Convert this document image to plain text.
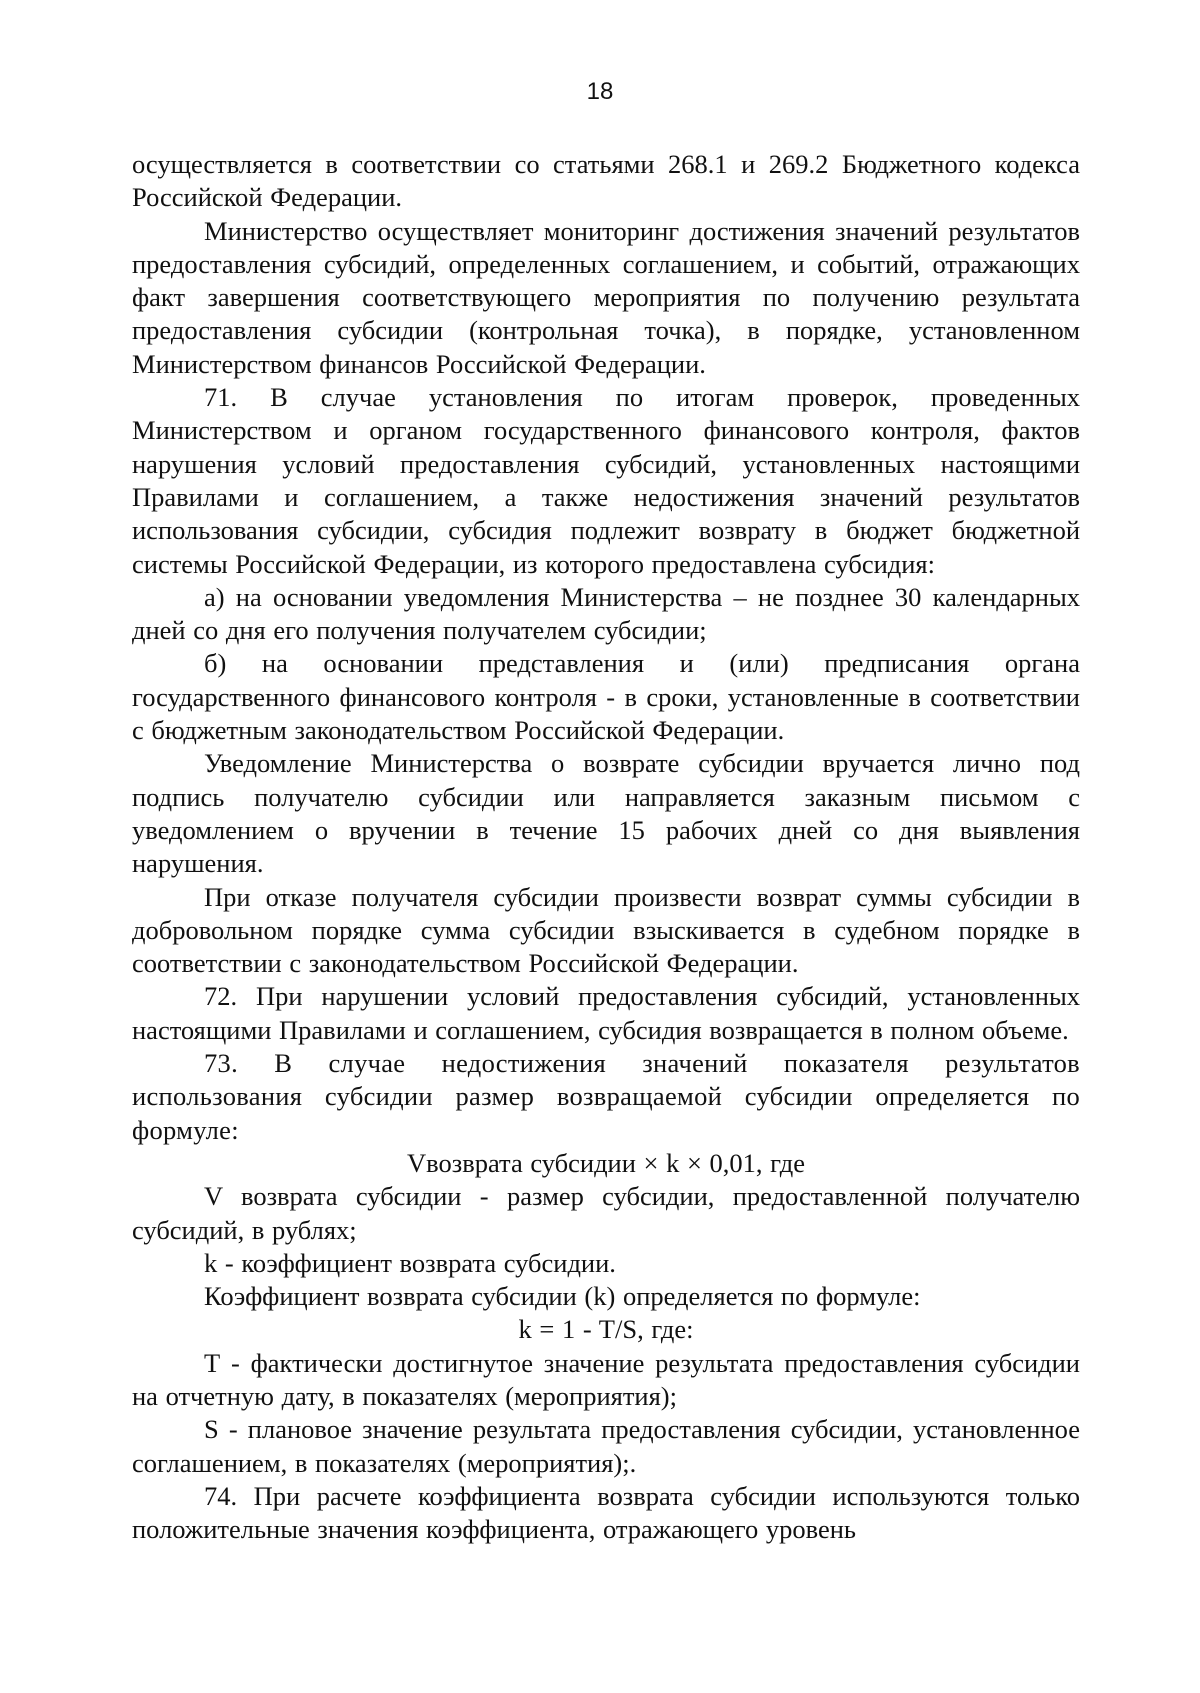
18

осуществляется в соответствии со статьями 268.1 и 269.2 Бюджетного кодекса Российской Федерации.

Министерство осуществляет мониторинг достижения значений результатов предоставления субсидий, определенных соглашением, и событий, отражающих факт завершения соответствующего мероприятия по получению результата предоставления субсидии (контрольная точка), в порядке, установленном Министерством финансов Российской Федерации.

71. В случае установления по итогам проверок, проведенных Министерством и органом государственного финансового контроля, фактов нарушения условий предоставления субсидий, установленных настоящими Правилами и соглашением, а также недостижения значений результатов использования субсидии, субсидия подлежит возврату в бюджет бюджетной системы Российской Федерации, из которого предоставлена субсидия:

а) на основании уведомления Министерства – не позднее 30 календарных дней со дня его получения получателем субсидии;

б) на основании представления и (или) предписания органа государственного финансового контроля - в сроки, установленные в соответствии с бюджетным законодательством Российской Федерации.

Уведомление Министерства о возврате субсидии вручается лично под подпись получателю субсидии или направляется заказным письмом с уведомлением о вручении в течение 15 рабочих дней со дня выявления нарушения.

При отказе получателя субсидии произвести возврат суммы субсидии в добровольном порядке сумма субсидии взыскивается в судебном порядке в соответствии с законодательством Российской Федерации.

72. При нарушении условий предоставления субсидий, установленных настоящими Правилами и соглашением, субсидия возвращается в полном объеме.

73. В случае недостижения значений показателя результатов использования субсидии размер возвращаемой субсидии определяется по формуле:

Vвозврата субсидии × k × 0,01, где

V возврата субсидии - размер субсидии, предоставленной получателю субсидий, в рублях;

k - коэффициент возврата субсидии.

Коэффициент возврата субсидии (k) определяется по формуле:

k = 1 - T/S, где:

Т - фактически достигнутое значение результата предоставления субсидии на отчетную дату, в показателях (мероприятия);

S - плановое значение результата предоставления субсидии, установленное соглашением, в показателях (мероприятия);.

74. При расчете коэффициента возврата субсидии используются только положительные значения коэффициента, отражающего уровень
